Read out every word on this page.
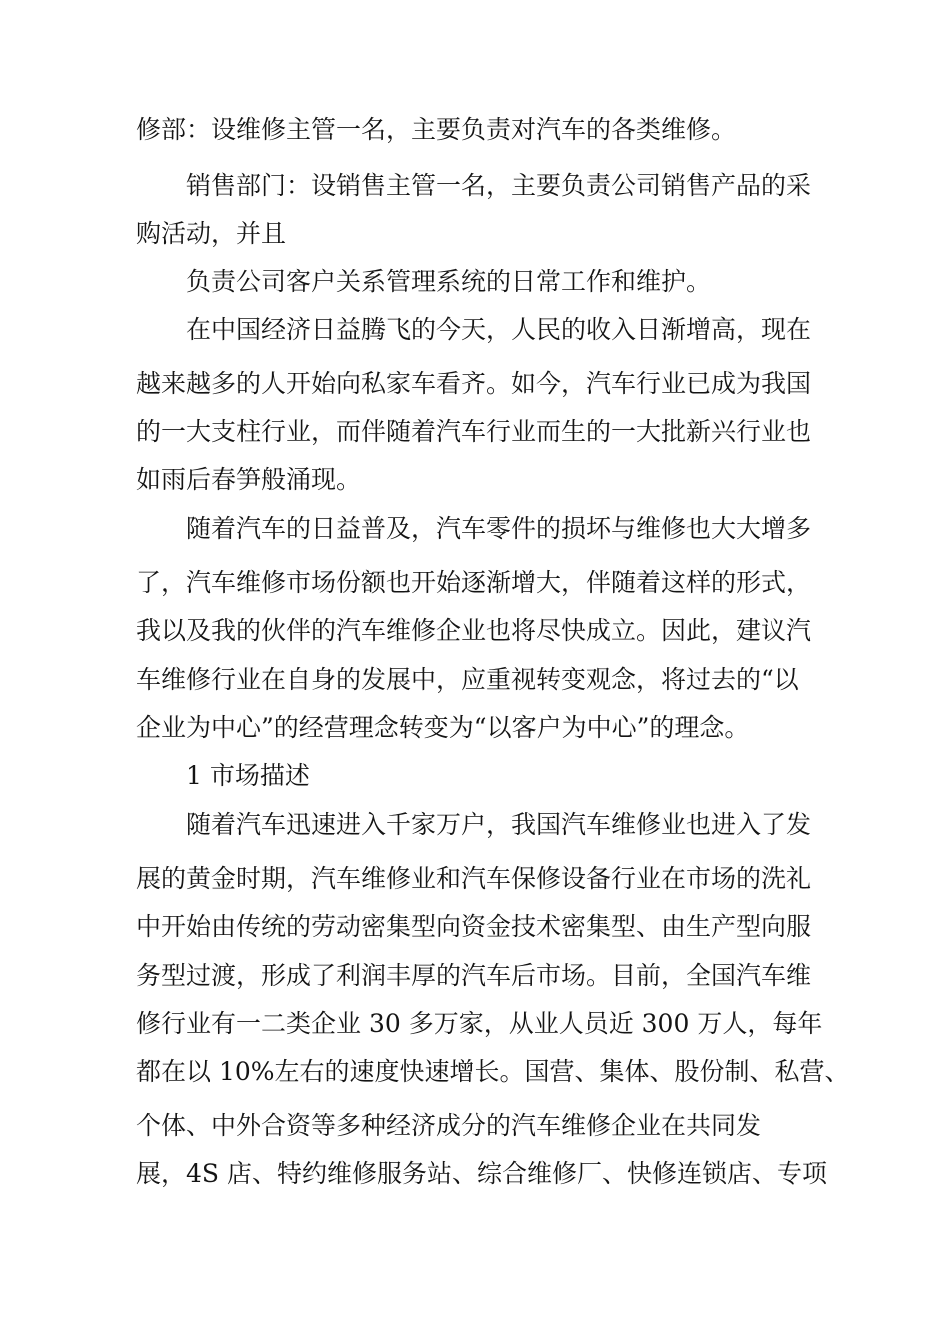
修部：设维修主管一名，主要负责对汽车的各类维修。
销售部门：设销售主管一名，主要负责公司销售产品的采
购活动，并且
负责公司客户关系管理系统的日常工作和维护。
在中国经济日益腾飞的今天，人民的收入日渐增高，现在
越来越多的人开始向私家车看齐。如今，汽车行业已成为我国
的一大支柱行业，而伴随着汽车行业而生的一大批新兴行业也
如雨后春笋般涌现。
随着汽车的日益普及，汽车零件的损坏与维修也大大增多
了，汽车维修市场份额也开始逐渐增大，伴随着这样的形式，
我以及我的伙伴的汽车维修企业也将尽快成立。因此，建议汽
车维修行业在自身的发展中，应重视转变观念，将过去的“以
企业为中心”的经营理念转变为“以客户为中心”的理念。
1 市场描述
随着汽车迅速进入千家万户，我国汽车维修业也进入了发
展的黄金时期，汽车维修业和汽车保修设备行业在市场的洗礼
中开始由传统的劳动密集型向资金技术密集型、由生产型向服
务型过渡，形成了利润丰厚的汽车后市场。目前，全国汽车维
修行业有一二类企业 30 多万家，从业人员近 300 万人，每年
都在以 10%左右的速度快速增长。国营、集体、股份制、私营、
个体、中外合资等多种经济成分的汽车维修企业在共同发
展，4S 店、特约维修服务站、综合维修厂、快修连锁店、专项
